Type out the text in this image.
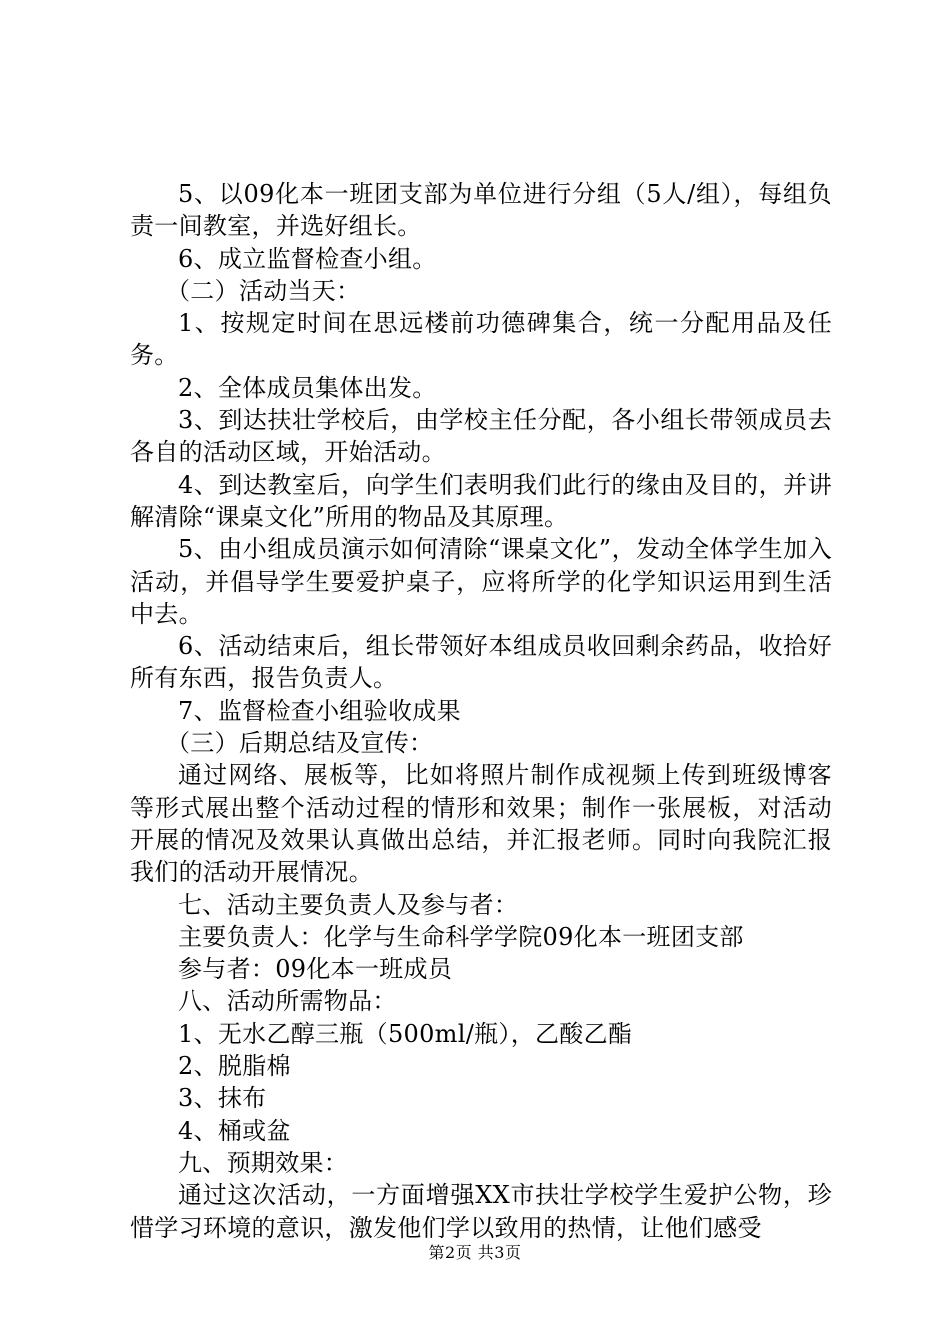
5、以09化本一班团支部为单位进行分组（5人/组），每组负责一间教室，并选好组长。

6、成立监督检查小组。

（二）活动当天：

1、按规定时间在思远楼前功德碑集合，统一分配用品及任务。

2、全体成员集体出发。

3、到达扶壮学校后，由学校主任分配，各小组长带领成员去各自的活动区域，开始活动。

4、到达教室后，向学生们表明我们此行的缘由及目的，并讲解清除“课桌文化”所用的物品及其原理。

5、由小组成员演示如何清除“课桌文化”，发动全体学生加入活动，并倡导学生要爱护桌子，应将所学的化学知识运用到生活中去。

6、活动结束后，组长带领好本组成员收回剩余药品，收拾好所有东西，报告负责人。

7、监督检查小组验收成果

（三）后期总结及宣传：

通过网络、展板等，比如将照片制作成视频上传到班级博客等形式展出整个活动过程的情形和效果；制作一张展板，对活动开展的情况及效果认真做出总结，并汇报老师。同时向我院汇报我们的活动开展情况。

七、活动主要负责人及参与者：

主要负责人：化学与生命科学学院09化本一班团支部

参与者：09化本一班成员

八、活动所需物品：

1、无水乙醇三瓶（500ml/瓶），乙酸乙酯

2、脱脂棉

3、抹布

4、桶或盆

九、预期效果：

通过这次活动，一方面增强XX市扶壮学校学生爱护公物，珍惜学习环境的意识，激发他们学以致用的热情，让他们感受

第2页 共3页
